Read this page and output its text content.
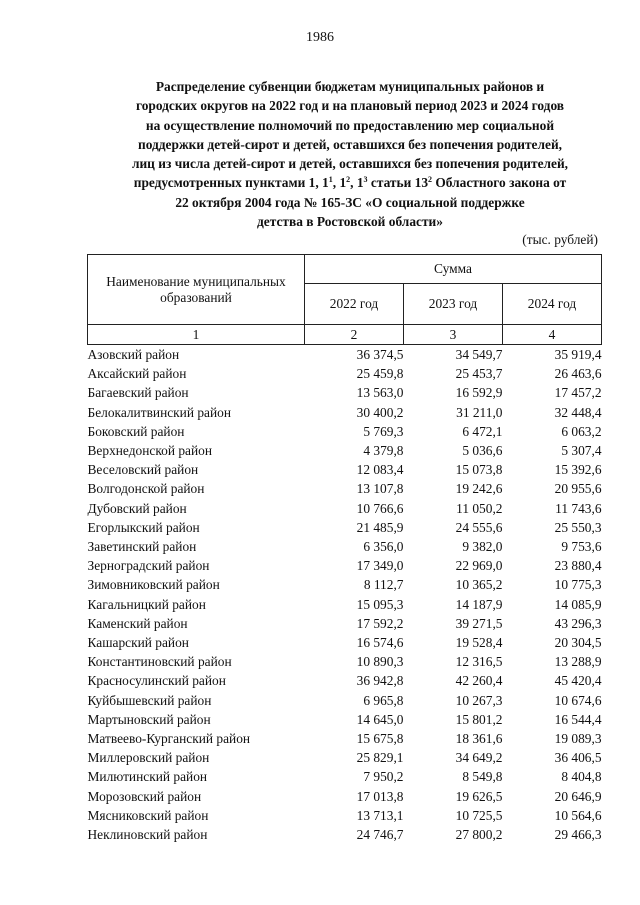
1986
Распределение субвенции бюджетам муниципальных районов и
городских округов на 2022 год и на плановый период 2023 и 2024 годов
на осуществление полномочий по предоставлению мер социальной
поддержки детей-сирот и детей, оставшихся без попечения родителей,
лиц из числа детей-сирот и детей, оставшихся без попечения родителей,
предусмотренных пунктами 1, $1^1$, $1^2$, $1^3$ статьи $13^2$ Областного закона от
22 октября 2004 года № 165-ЗС «О социальной поддержке
детства в Ростовской области»
(тыс. рублей)
Наименование муниципальных образований	Сумма		
	2022 год	2023 год	2024 год
1	2	3	4
Азовский район	36 374,5	34 549,7	35 919,4
Аксайский район	25 459,8	25 453,7	26 463,6
Багаевский район	13 563,0	16 592,9	17 457,2
Белокалитвинский район	30 400,2	31 211,0	32 448,4
Боковский район	5 769,3	6 472,1	6 063,2
Верхнедонской район	4 379,8	5 036,6	5 307,4
Веселовский район	12 083,4	15 073,8	15 392,6
Волгодонской район	13 107,8	19 242,6	20 955,6
Дубовский район	10 766,6	11 050,2	11 743,6
Егорлыкский район	21 485,9	24 555,6	25 550,3
Заветинский район	6 356,0	9 382,0	9 753,6
Зерноградский район	17 349,0	22 969,0	23 880,4
Зимовниковский район	8 112,7	10 365,2	10 775,3
Кагальницкий район	15 095,3	14 187,9	14 085,9
Каменский район	17 592,2	39 271,5	43 296,3
Кашарский район	16 574,6	19 528,4	20 304,5
Константиновский район	10 890,3	12 316,5	13 288,9
Красносулинский район	36 942,8	42 260,4	45 420,4
Куйбышевский район	6 965,8	10 267,3	10 674,6
Мартыновский район	14 645,0	15 801,2	16 544,4
Матвеево-Курганский район	15 675,8	18 361,6	19 089,3
Миллеровский район	25 829,1	34 649,2	36 406,5
Милютинский район	7 950,2	8 549,8	8 404,8
Морозовский район	17 013,8	19 626,5	20 646,9
Мясниковский район	13 713,1	10 725,5	10 564,6
Неклиновский район	24 746,7	27 800,2	29 466,3
